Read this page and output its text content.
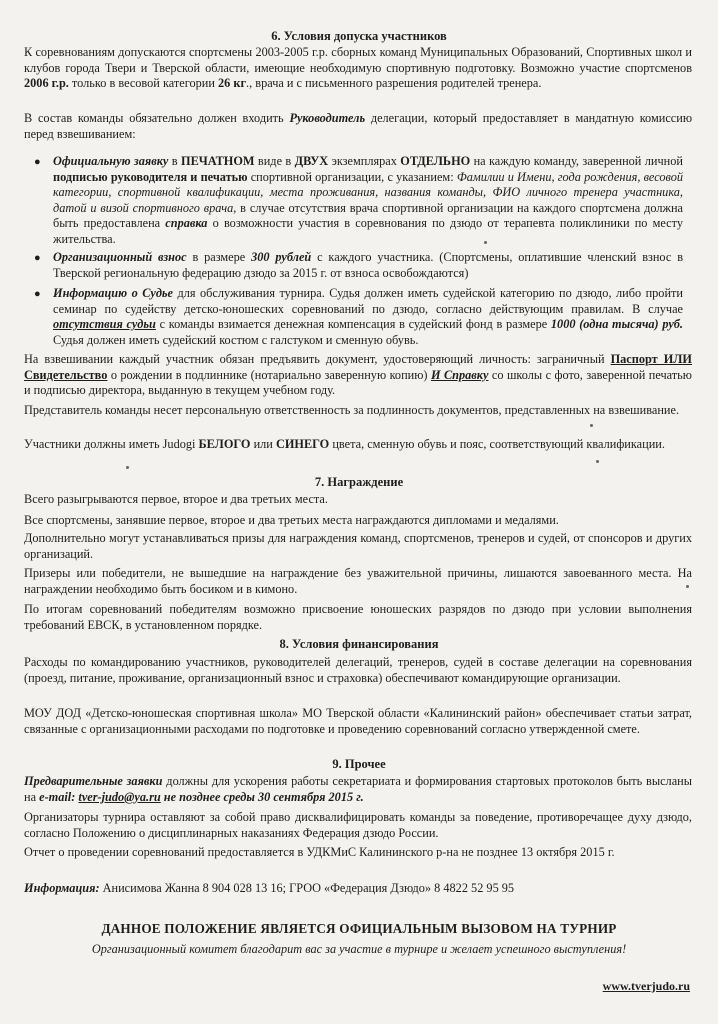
6. Условия допуска участников

К соревнованиям допускаются спортсмены 2003-2005 г.р. сборных команд Муниципальных Образований, Спортивных школ и клубов города Твери и Тверской области, имеющие необходимую спортивную подготовку. Возможно участие спортсменов 2006 г.р. только в весовой категории 26 кг., врача и с письменного разрешения родителей тренера.

В состав команды обязательно должен входить Руководитель делегации, который предоставляет в мандатную комиссию перед взвешиванием:

● Официальную заявку в ПЕЧАТНОМ виде в ДВУХ экземплярах ОТДЕЛЬНО на каждую команду, заверенной личной подписью руководителя и печатью спортивной организации, с указанием: Фамилии и Имени, года рождения, весовой категории, спортивной квалификации, места проживания, названия команды, ФИО личного тренера участника, датой и визой спортивного врача, в случае отсутствия врача спортивной организации на каждого спортсмена должна быть предоставлена справка о возможности участия в соревнования по дзюдо от терапевта поликлиники по месту жительства.

● Организационный взнос в размере 300 рублей с каждого участника. (Спортсмены, оплатившие членский взнос в Тверской региональную федерацию дзюдо за 2015 г. от взноса освобождаются)

● Информацию о Судье для обслуживания турнира. Судья должен иметь судейской категорию по дзюдо, либо пройти семинар по судейству детско-юношеских соревнований по дзюдо, согласно действующим правилам. В случае отсутствия судьи с команды взимается денежная компенсация в судейский фонд в размере 1000 (одна тысяча) руб. Судья должен иметь судейский костюм с галстуком и сменную обувь.

На взвешивании каждый участник обязан предъявить документ, удостоверяющий личность: заграничный Паспорт ИЛИ Свидетельство о рождении в подлиннике (нотариально заверенную копию) И Справку со школы с фото, заверенной печатью и подписью директора, выданную в текущем учебном году.

Представитель команды несет персональную ответственность за подлинность документов, представленных на взвешивание.

Участники должны иметь Judogi БЕЛОГО или СИНЕГО цвета, сменную обувь и пояс, соответствующий квалификации.

7. Награждение

Всего разыгрываются первое, второе и два третьих места.

Все спортсмены, занявшие первое, второе и два третьих места награждаются дипломами и медалями.

Дополнительно могут устанавливаться призы для награждения команд, спортсменов, тренеров и судей, от спонсоров и других организаций.

Призеры или победители, не вышедшие на награждение без уважительной причины, лишаются завоеванного места. На награждении необходимо быть босиком и в кимоно.

По итогам соревнований победителям возможно присвоение юношеских разрядов по дзюдо при условии выполнения требований ЕВСК, в установленном порядке.

8. Условия финансирования

Расходы по командированию участников, руководителей делегаций, тренеров, судей в составе делегации на соревнования (проезд, питание, проживание, организационный взнос и страховка) обеспечивают командирующие организации.

МОУ ДОД «Детско-юношеская спортивная школа» МО Тверской области «Калининский район» обеспечивает статьи затрат, связанные с организационными расходами по подготовке и проведению соревнований согласно утвержденной смете.

9. Прочее

Предварительные заявки должны для ускорения работы секретариата и формирования стартовых протоколов быть высланы на e-mail: tver-judo@ya.ru не позднее среды 30 сентября 2015 г.

Организаторы турнира оставляют за собой право дисквалифицировать команды за поведение, противоречащее духу дзюдо, согласно Положению о дисциплинарных наказаниях Федерация дзюдо России.

Отчет о проведении соревнований предоставляется в УДКМиС Калининского р-на не позднее 13 октября 2015 г.

Информация: Анисимова Жанна 8 904 028 13 16; ГРОО «Федерация Дзюдо» 8 4822 52 95 95

ДАННОЕ ПОЛОЖЕНИЕ ЯВЛЯЕТСЯ ОФИЦИАЛЬНЫМ ВЫЗОВОМ НА ТУРНИР
Организационный комитет благодарит вас за участие в турнире и желает успешного выступления!
www.tverjudo.ru
